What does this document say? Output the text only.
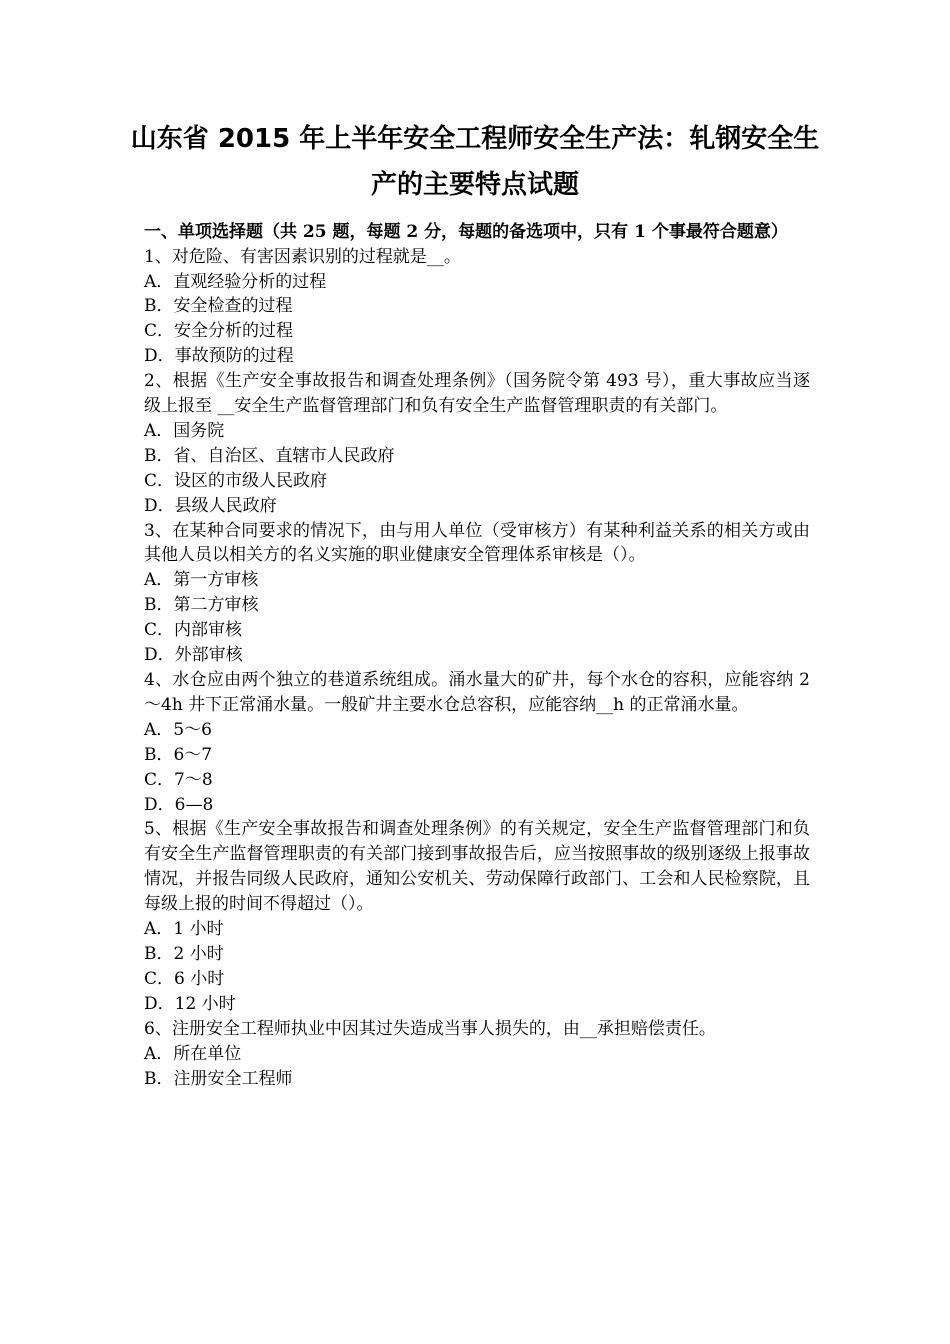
山东省 2015 年上半年安全工程师安全生产法：轧钢安全生
产的主要特点试题

一、单项选择题（共 25 题，每题 2 分，每题的备选项中，只有 1 个事最符合题意）

1、对危险、有害因素识别的过程就是__。

A．直观经验分析的过程

B．安全检查的过程

C．安全分析的过程

D．事故预防的过程

2、根据《生产安全事故报告和调查处理条例》（国务院令第 493 号），重大事故应当逐级上报至 __安全生产监督管理部门和负有安全生产监督管理职责的有关部门。

A．国务院

B．省、自治区、直辖市人民政府

C．设区的市级人民政府

D．县级人民政府

3、在某种合同要求的情况下，由与用人单位（受审核方）有某种利益关系的相关方或由其他人员以相关方的名义实施的职业健康安全管理体系审核是（）。

A．第一方审核

B．第二方审核

C．内部审核

D．外部审核

4、水仓应由两个独立的巷道系统组成。涌水量大的矿井，每个水仓的容积，应能容纳 2～4h 井下正常涌水量。一般矿井主要水仓总容积，应能容纳__h 的正常涌水量。

A．5～6

B．6～7

C．7～8

D．6—8

5、根据《生产安全事故报告和调查处理条例》的有关规定，安全生产监督管理部门和负有安全生产监督管理职责的有关部门接到事故报告后，应当按照事故的级别逐级上报事故情况，并报告同级人民政府，通知公安机关、劳动保障行政部门、工会和人民检察院，且每级上报的时间不得超过（）。

A．1 小时

B．2 小时

C．6 小时

D．12 小时

6、注册安全工程师执业中因其过失造成当事人损失的，由__承担赔偿责任。

A．所在单位

B．注册安全工程师
